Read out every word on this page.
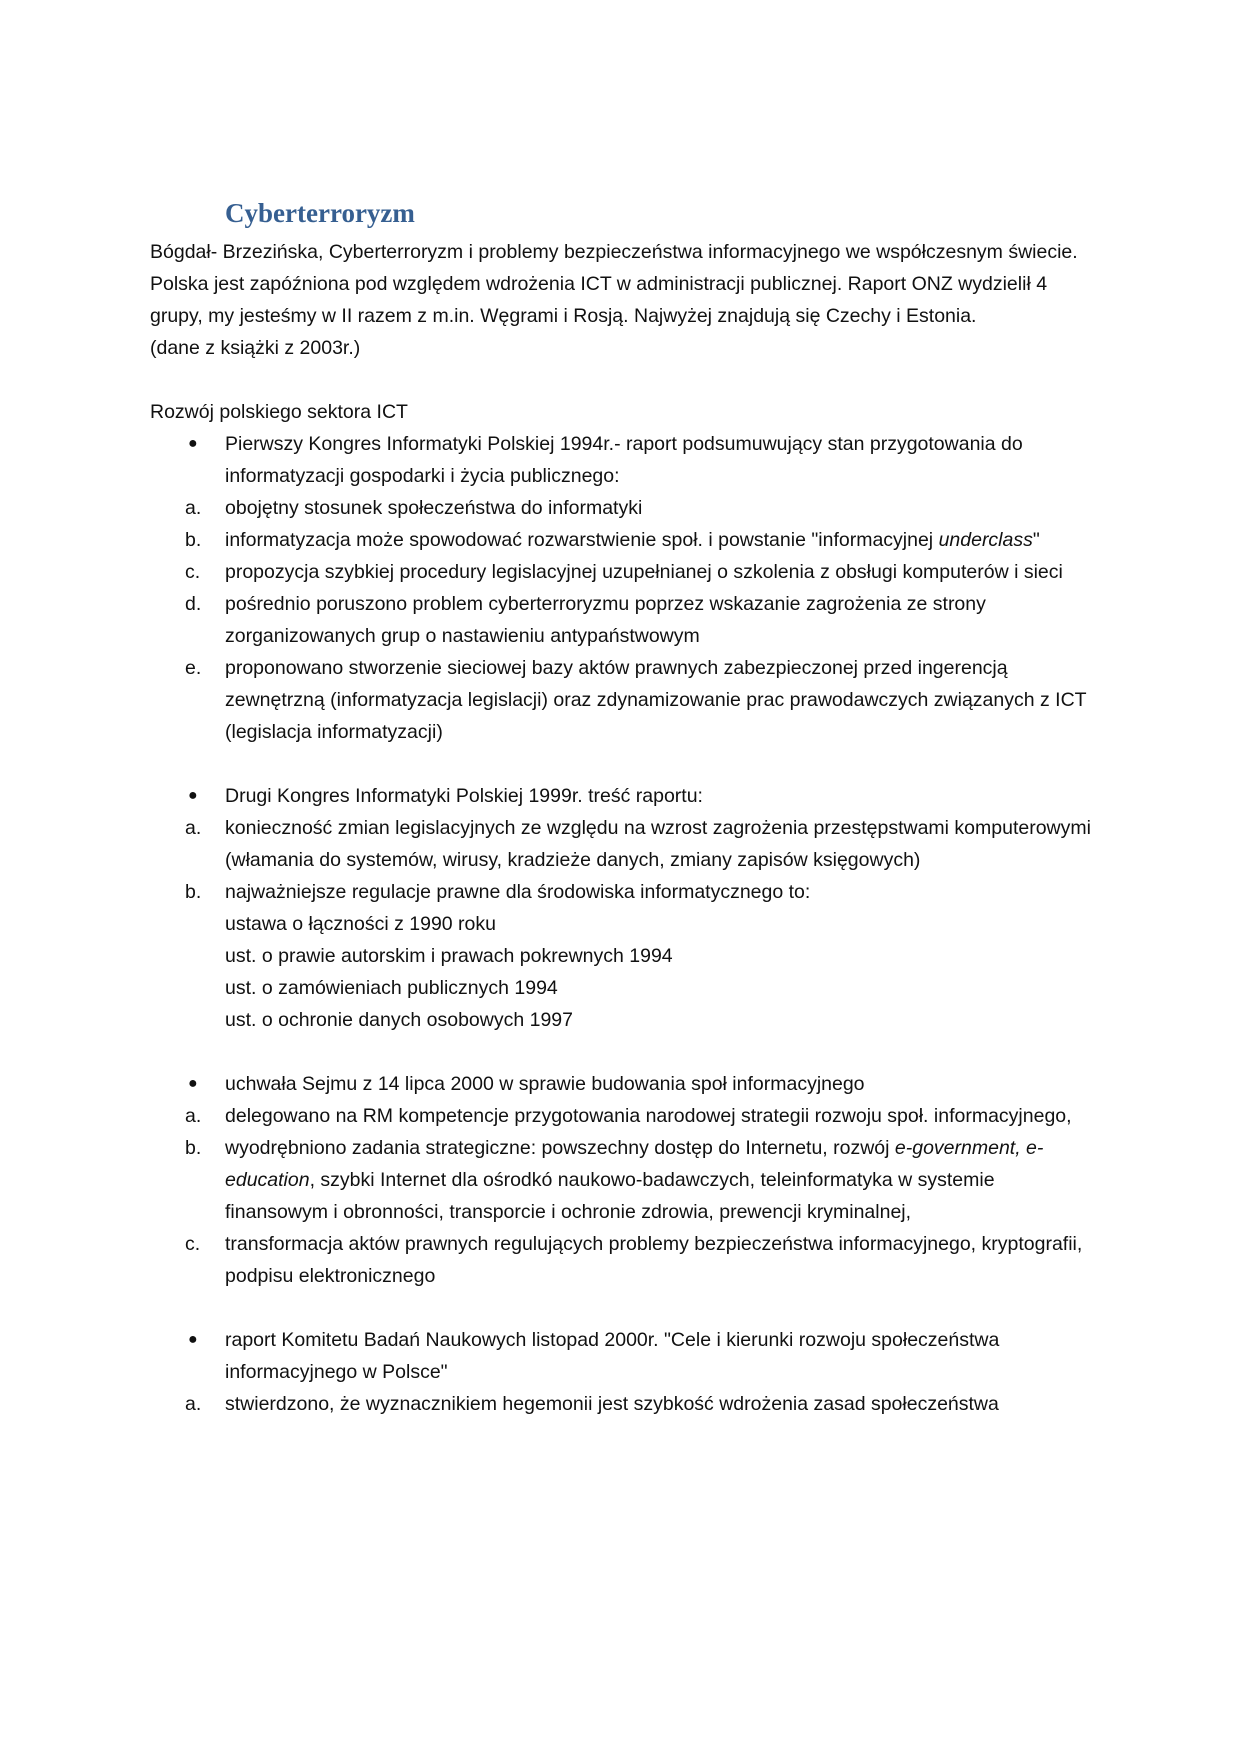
Cyberterroryzm

Bógdał- Brzezińska, Cyberterroryzm i problemy bezpieczeństwa informacyjnego we współczesnym świecie.

Polska jest zapóźniona pod względem wdrożenia ICT w administracji publicznej. Raport ONZ wydzielił 4 grupy, my jesteśmy w II razem z m.in. Węgrami i Rosją. Najwyżej znajdują się Czechy i Estonia.

(dane z książki z 2003r.)

Rozwój polskiego sektora ICT

● Pierwszy Kongres Informatyki Polskiej 1994r.- raport podsumuwujący stan przygotowania do informatyzacji gospodarki i życia publicznego:
a. obojętny stosunek społeczeństwa do informatyki
b. informatyzacja może spowodować rozwarstwienie społ. i powstanie "informacyjnej underclass"
c. propozycja szybkiej procedury legislacyjnej uzupełnianej o szkolenia z obsługi komputerów i sieci
d. pośrednio poruszono problem cyberterroryzmu poprzez wskazanie zagrożenia ze strony zorganizowanych grup o nastawieniu antypaństwowym
e. proponowano stworzenie sieciowej bazy aktów prawnych zabezpieczonej przed ingerencją zewnętrzną (informatyzacja legislacji) oraz zdynamizowanie prac prawodawczych związanych z ICT (legislacja informatyzacji)
● Drugi Kongres Informatyki Polskiej 1999r. treść raportu:
a. konieczność zmian legislacyjnych ze względu na wzrost zagrożenia przestępstwami komputerowymi (włamania do systemów, wirusy, kradzieże danych, zmiany zapisów księgowych)
b. najważniejsze regulacje prawne dla środowiska informatycznego to:
ustawa o łączności z 1990 roku
ust. o prawie autorskim i prawach pokrewnych 1994
ust. o zamówieniach publicznych 1994
ust. o ochronie danych osobowych 1997
● uchwała Sejmu z 14 lipca 2000 w sprawie budowania społ informacyjnego
a. delegowano na RM kompetencje przygotowania narodowej strategii rozwoju społ. informacyjnego,
b. wyodrębniono zadania strategiczne: powszechny dostęp do Internetu, rozwój e-government, e-education, szybki Internet dla ośrodkó naukowo-badawczych, teleinformatyka w systemie finansowym i obronności, transporcie i ochronie zdrowia, prewencji kryminalnej,
c. transformacja aktów prawnych regulujących problemy bezpieczeństwa informacyjnego, kryptografii, podpisu elektronicznego
● raport Komitetu Badań Naukowych listopad 2000r. "Cele i kierunki rozwoju społeczeństwa informacyjnego w Polsce"
a. stwierdzono, że wyznacznikiem hegemonii jest szybkość wdrożenia zasad społeczeństwa
